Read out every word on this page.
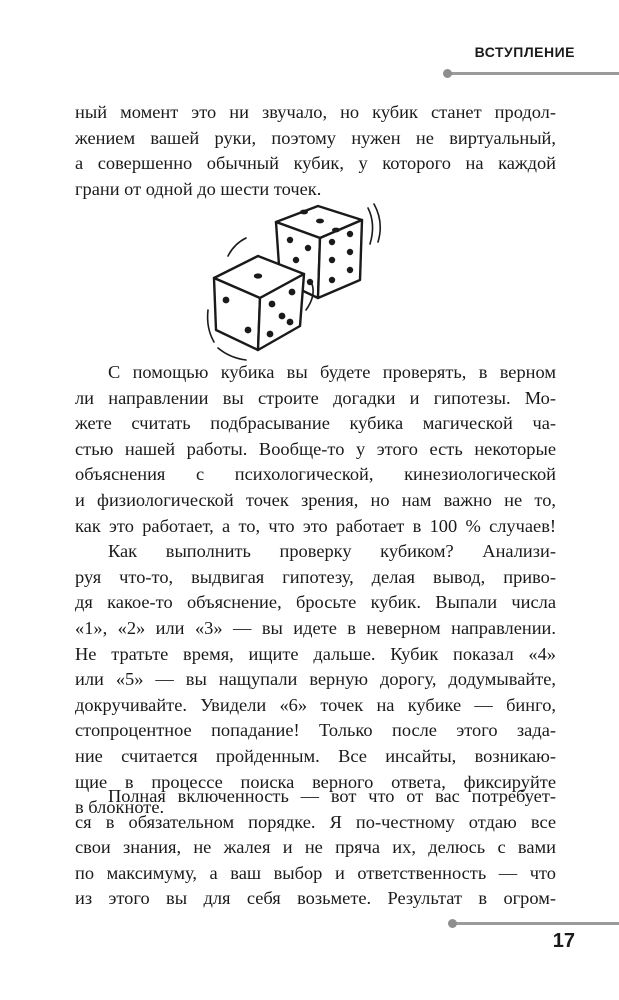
ВСТУПЛЕНИЕ
ный момент это ни звучало, но кубик станет продол-
жением вашей руки, поэтому нужен не виртуальный,
а совершенно обычный кубик, у которого на каждой
грани от одной до шести точек.
С помощью кубика вы будете проверять, в верном
ли направлении вы строите догадки и гипотезы. Мо-
жете считать подбрасывание кубика магической ча-
стью нашей работы. Вообще-то у этого есть некоторые
объяснения с психологической, кинезиологической
и физиологической точек зрения, но нам важно не то,
как это работает, а то, что это работает в 100 % случаев!
Как выполнить проверку кубиком? Анализи-
руя что-то, выдвигая гипотезу, делая вывод, приво-
дя какое-то объяснение, бросьте кубик. Выпали числа
«1», «2» или «3» — вы идете в неверном направлении.
Не тратьте время, ищите дальше. Кубик показал «4»
или «5» — вы нащупали верную дорогу, додумывайте,
докручивайте. Увидели «6» точек на кубике — бинго,
стопроцентное попадание! Только после этого зада-
ние считается пройденным. Все инсайты, возникаю-
щие в процессе поиска верного ответа, фиксируйте
в блокноте.
Полная включенность — вот что от вас потребует-
ся в обязательном порядке. Я по-честному отдаю все
свои знания, не жалея и не пряча их, делюсь с вами
по максимуму, а ваш выбор и ответственность — что
из этого вы для себя возьмете. Результат в огром-
17
